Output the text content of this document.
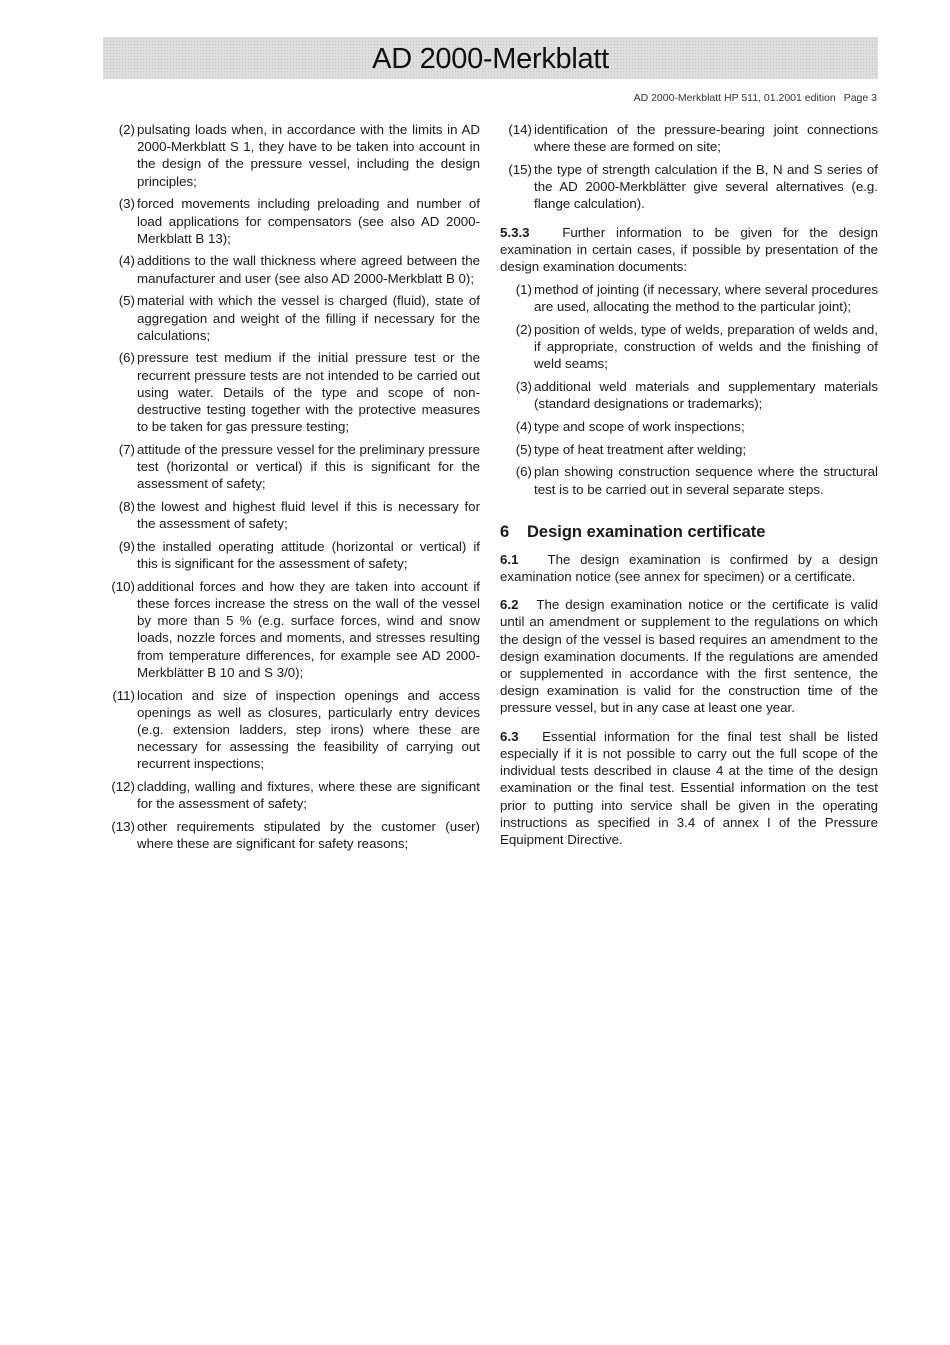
AD 2000-Merkblatt
AD 2000-Merkblatt HP 511, 01.2001 edition Page 3
(2) pulsating loads when, in accordance with the limits in AD 2000-Merkblatt S 1, they have to be taken into account in the design of the pressure vessel, including the design principles;
(3) forced movements including preloading and number of load applications for compensators (see also AD 2000-Merkblatt B 13);
(4) additions to the wall thickness where agreed between the manufacturer and user (see also AD 2000-Merkblatt B 0);
(5) material with which the vessel is charged (fluid), state of aggregation and weight of the filling if necessary for the calculations;
(6) pressure test medium if the initial pressure test or the recurrent pressure tests are not intended to be carried out using water. Details of the type and scope of non-destructive testing together with the protective measures to be taken for gas pressure testing;
(7) attitude of the pressure vessel for the preliminary pressure test (horizontal or vertical) if this is significant for the assessment of safety;
(8) the lowest and highest fluid level if this is necessary for the assessment of safety;
(9) the installed operating attitude (horizontal or vertical) if this is significant for the assessment of safety;
(10) additional forces and how they are taken into account if these forces increase the stress on the wall of the vessel by more than 5 % (e.g. surface forces, wind and snow loads, nozzle forces and moments, and stresses resulting from temperature differences, for example see AD 2000-Merkblätter B 10 and S 3/0);
(11) location and size of inspection openings and access openings as well as closures, particularly entry devices (e.g. extension ladders, step irons) where these are necessary for assessing the feasibility of carrying out recurrent inspections;
(12) cladding, walling and fixtures, where these are significant for the assessment of safety;
(13) other requirements stipulated by the customer (user) where these are significant for safety reasons;
(14) identification of the pressure-bearing joint connections where these are formed on site;
(15) the type of strength calculation if the B, N and S series of the AD 2000-Merkblätter give several alternatives (e.g. flange calculation).

5.3.3 Further information to be given for the design examination in certain cases, if possible by presentation of the design examination documents:

(1) method of jointing (if necessary, where several procedures are used, allocating the method to the particular joint);
(2) position of welds, type of welds, preparation of welds and, if appropriate, construction of welds and the finishing of weld seams;
(3) additional weld materials and supplementary materials (standard designations or trademarks);
(4) type and scope of work inspections;
(5) type of heat treatment after welding;
(6) plan showing construction sequence where the structural test is to be carried out in several separate steps.
6	Design examination certificate

6.1 The design examination is confirmed by a design examination notice (see annex for specimen) or a certificate.

6.2 The design examination notice or the certificate is valid until an amendment or supplement to the regulations on which the design of the vessel is based requires an amendment to the design examination documents. If the regulations are amended or supplemented in accordance with the first sentence, the design examination is valid for the construction time of the pressure vessel, but in any case at least one year.

6.3 Essential information for the final test shall be listed especially if it is not possible to carry out the full scope of the individual tests described in clause 4 at the time of the design examination or the final test. Essential information on the test prior to putting into service shall be given in the operating instructions as specified in 3.4 of annex I of the Pressure Equipment Directive.
